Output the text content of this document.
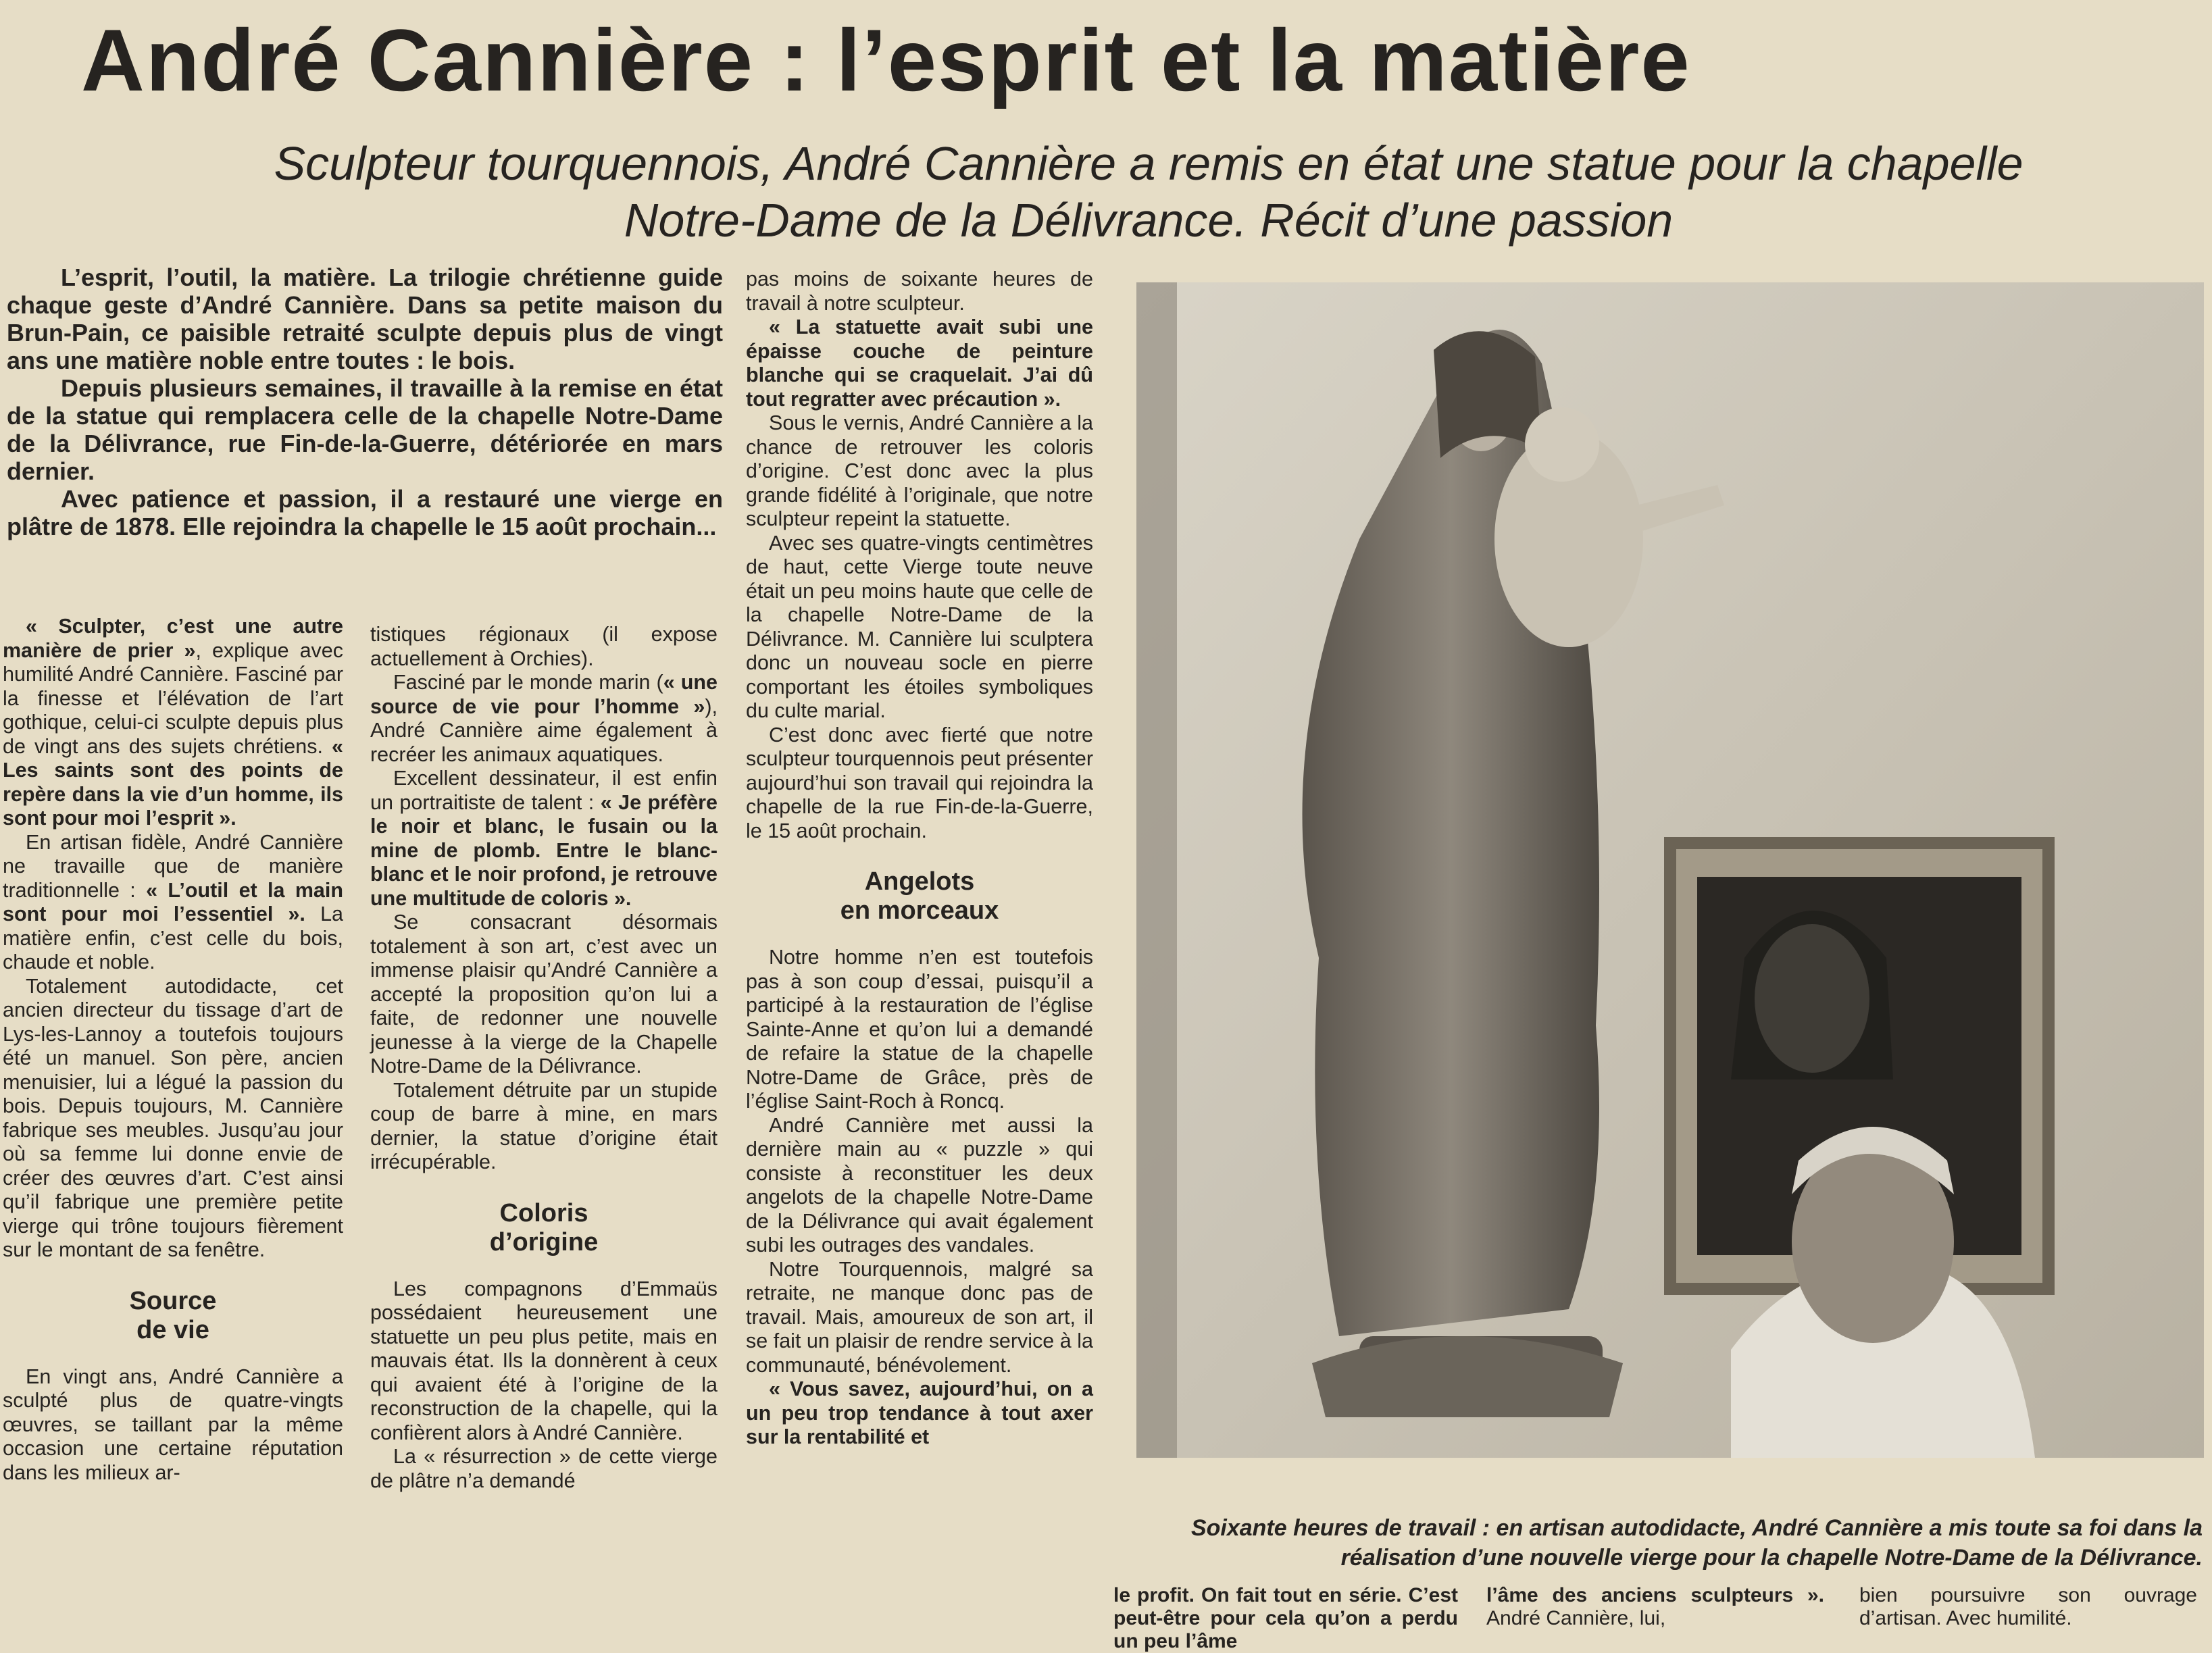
André Cannière : l’esprit et la matière
Sculpteur tourquennois, André Cannière a remis en état une statue pour la chapelle Notre-Dame de la Délivrance. Récit d’une passion

L’esprit, l’outil, la matière. La trilogie chrétienne guide chaque geste d’André Cannière. Dans sa petite maison du Brun-Pain, ce paisible retraité sculpte depuis plus de vingt ans une matière noble entre toutes : le bois.

Depuis plusieurs semaines, il travaille à la remise en état de la statue qui remplacera celle de la chapelle Notre-Dame de la Délivrance, rue Fin-de-la-Guerre, détériorée en mars dernier.

Avec patience et passion, il a restauré une vierge en plâtre de 1878. Elle rejoindra la chapelle le 15 août prochain...

« Sculpter, c’est une autre manière de prier », explique avec humilité André Cannière. Fasciné par la finesse et l’élévation de l’art gothique, celui-ci sculpte depuis plus de vingt ans des sujets chrétiens. « Les saints sont des points de repère dans la vie d’un homme, ils sont pour moi l’esprit ».

En artisan fidèle, André Cannière ne travaille que de manière traditionnelle : « L’outil et la main sont pour moi l’essentiel ». La matière enfin, c’est celle du bois, chaude et noble.

Totalement autodidacte, cet ancien directeur du tissage d’art de Lys-les-Lannoy a toutefois toujours été un manuel. Son père, ancien menuisier, lui a légué la passion du bois. Depuis toujours, M. Cannière fabrique ses meubles. Jusqu’au jour où sa femme lui donne envie de créer des œuvres d’art. C’est ainsi qu’il fabrique une première petite vierge qui trône toujours fièrement sur le montant de sa fenêtre.

Source
de vie

En vingt ans, André Cannière a sculpté plus de quatre-vingts œuvres, se taillant par la même occasion une certaine réputation dans les milieux ar-

tistiques régionaux (il expose actuellement à Orchies).

Fasciné par le monde marin (« une source de vie pour l’homme »), André Cannière aime également à recréer les animaux aquatiques.

Excellent dessinateur, il est enfin un portraitiste de talent : « Je préfère le noir et blanc, le fusain ou la mine de plomb. Entre le blanc-blanc et le noir profond, je retrouve une multitude de coloris ».

Se consacrant désormais totalement à son art, c’est avec un immense plaisir qu’André Cannière a accepté la proposition qu’on lui a faite, de redonner une nouvelle jeunesse à la vierge de la Chapelle Notre-Dame de la Délivrance.

Totalement détruite par un stupide coup de barre à mine, en mars dernier, la statue d’origine était irrécupérable.

Coloris
d’origine

Les compagnons d’Emmaüs possédaient heureusement une statuette un peu plus petite, mais en mauvais état. Ils la donnèrent à ceux qui avaient été à l’origine de la reconstruction de la chapelle, qui la confièrent alors à André Cannière.

La « résurrection » de cette vierge de plâtre n’a demandé

pas moins de soixante heures de travail à notre sculpteur.

« La statuette avait subi une épaisse couche de peinture blanche qui se craquelait. J’ai dû tout regratter avec précaution ».

Sous le vernis, André Cannière a la chance de retrouver les coloris d’origine. C’est donc avec la plus grande fidélité à l’originale, que notre sculpteur repeint la statuette.

Avec ses quatre-vingts centimètres de haut, cette Vierge toute neuve était un peu moins haute que celle de la chapelle Notre-Dame de la Délivrance. M. Cannière lui sculptera donc un nouveau socle en pierre comportant les étoiles symboliques du culte marial.

C’est donc avec fierté que notre sculpteur tourquennois peut présenter aujourd’hui son travail qui rejoindra la chapelle de la rue Fin-de-la-Guerre, le 15 août prochain.

Angelots
en morceaux

Notre homme n’en est toutefois pas à son coup d’essai, puisqu’il a participé à la restauration de l’église Sainte-Anne et qu’on lui a demandé de refaire la statue de la chapelle Notre-Dame de Grâce, près de l’église Saint-Roch à Roncq.

André Cannière met aussi la dernière main au « puzzle » qui consiste à reconstituer les deux angelots de la chapelle Notre-Dame de la Délivrance qui avait également subi les outrages des vandales.

Notre Tourquennois, malgré sa retraite, ne manque donc pas de travail. Mais, amoureux de son art, il se fait un plaisir de rendre service à la communauté, bénévolement.

« Vous savez, aujourd’hui, on a un peu trop tendance à tout axer sur la rentabilité et

Soixante heures de travail : en artisan autodidacte, André Cannière a mis toute sa foi dans la réalisation d’une nouvelle vierge pour la chapelle Notre-Dame de la Délivrance.
le profit. On fait tout en série. C’est peut-être pour cela qu’on a perdu un peu l’âme
l’âme des anciens sculpteurs ». André Cannière, lui,
bien poursuivre son ouvrage d’artisan. Avec humilité.
